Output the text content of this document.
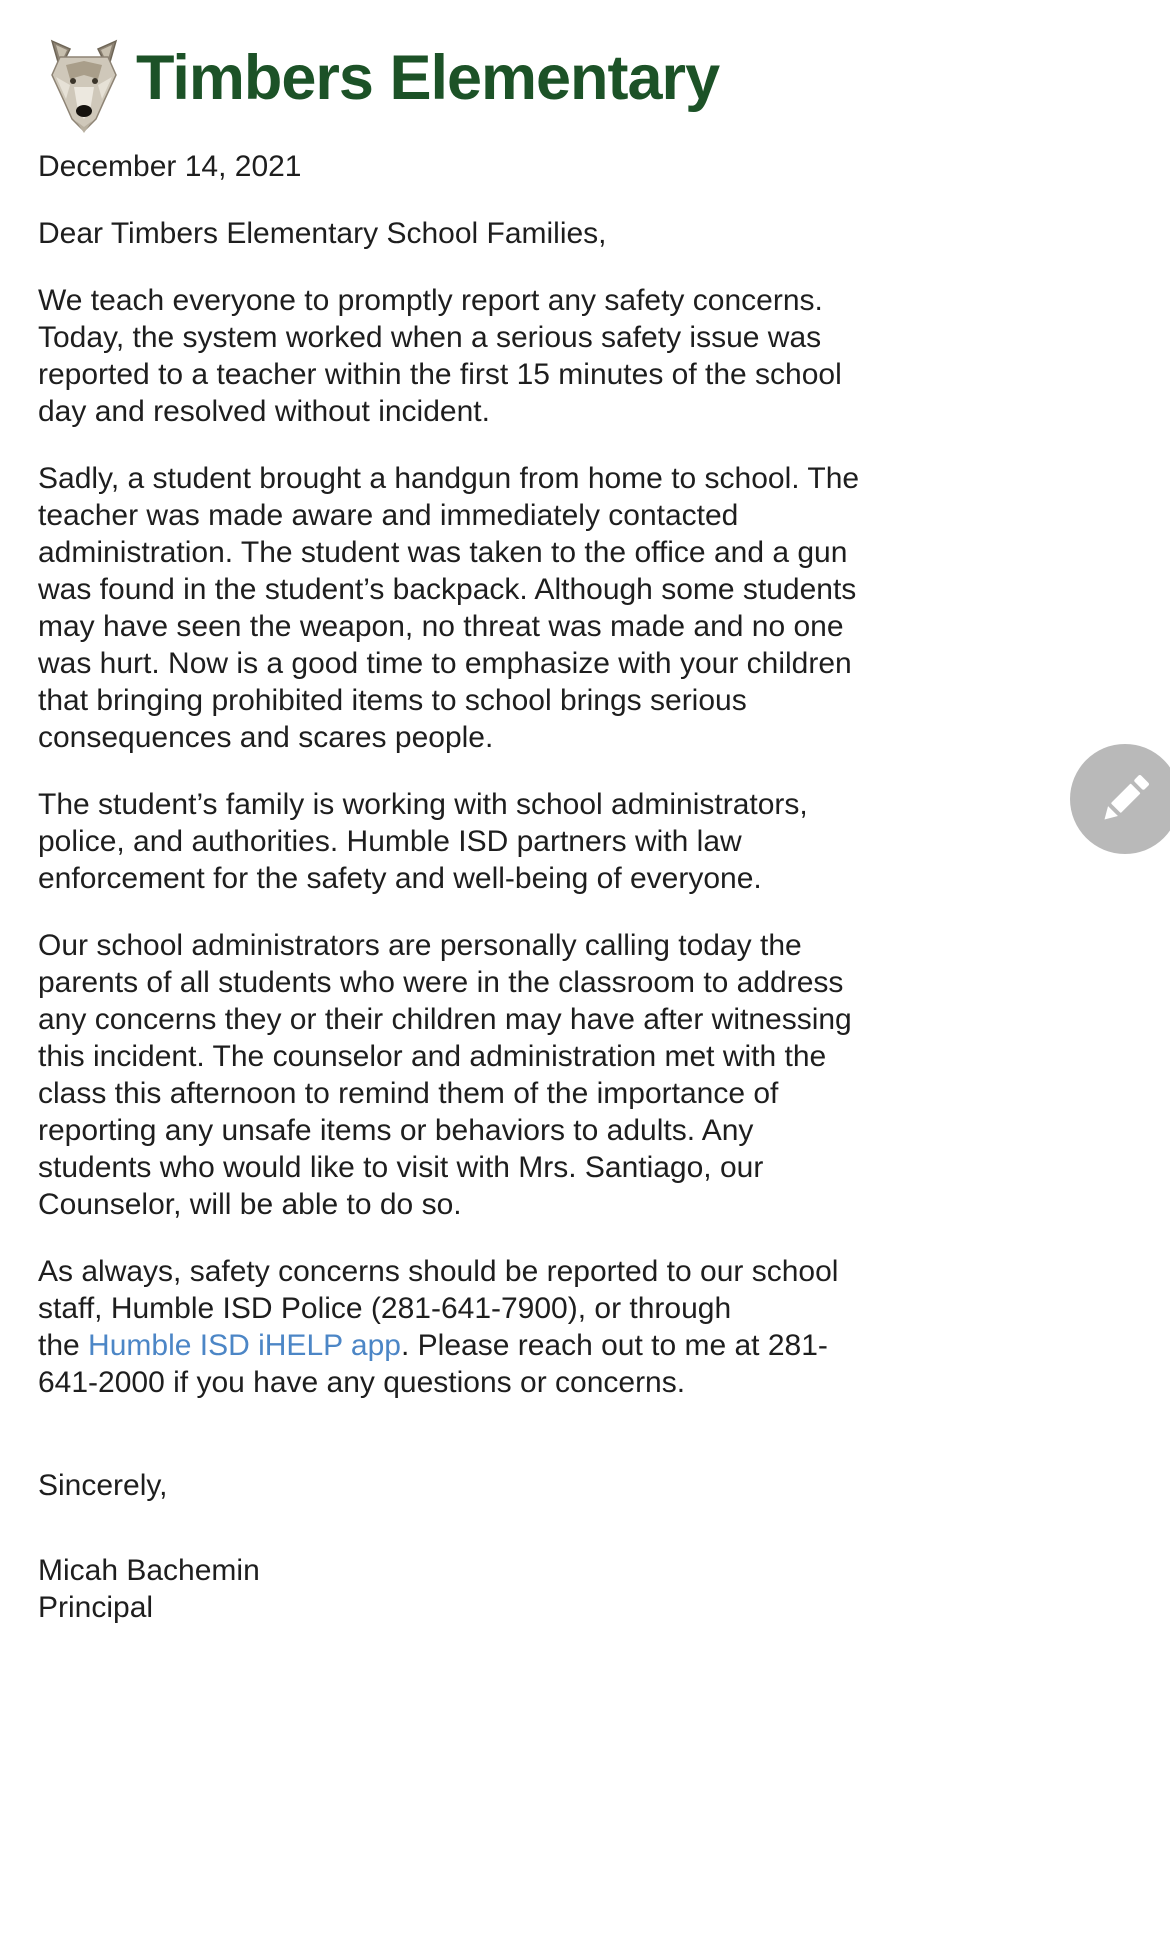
Timbers Elementary
December 14, 2021
Dear Timbers Elementary School Families,

We teach everyone to promptly report any safety concerns.
Today, the system worked when a serious safety issue was
reported to a teacher within the first 15 minutes of the school
day and resolved without incident.

Sadly, a student brought a handgun from home to school. The
teacher was made aware and immediately contacted
administration. The student was taken to the office and a gun
was found in the student’s backpack. Although some students
may have seen the weapon, no threat was made and no one
was hurt. Now is a good time to emphasize with your children
that bringing prohibited items to school brings serious
consequences and scares people.

The student’s family is working with school administrators,
police, and authorities. Humble ISD partners with law
enforcement for the safety and well-being of everyone.

Our school administrators are personally calling today the
parents of all students who were in the classroom to address
any concerns they or their children may have after witnessing
this incident. The counselor and administration met with the
class this afternoon to remind them of the importance of
reporting any unsafe items or behaviors to adults. Any
students who would like to visit with Mrs. Santiago, our
Counselor, will be able to do so.

As always, safety concerns should be reported to our school
staff, Humble ISD Police (281-641-7900), or through
the Humble ISD iHELP app. Please reach out to me at 281-
641-2000 if you have any questions or concerns.

Sincerely,
Micah Bachemin
Principal
